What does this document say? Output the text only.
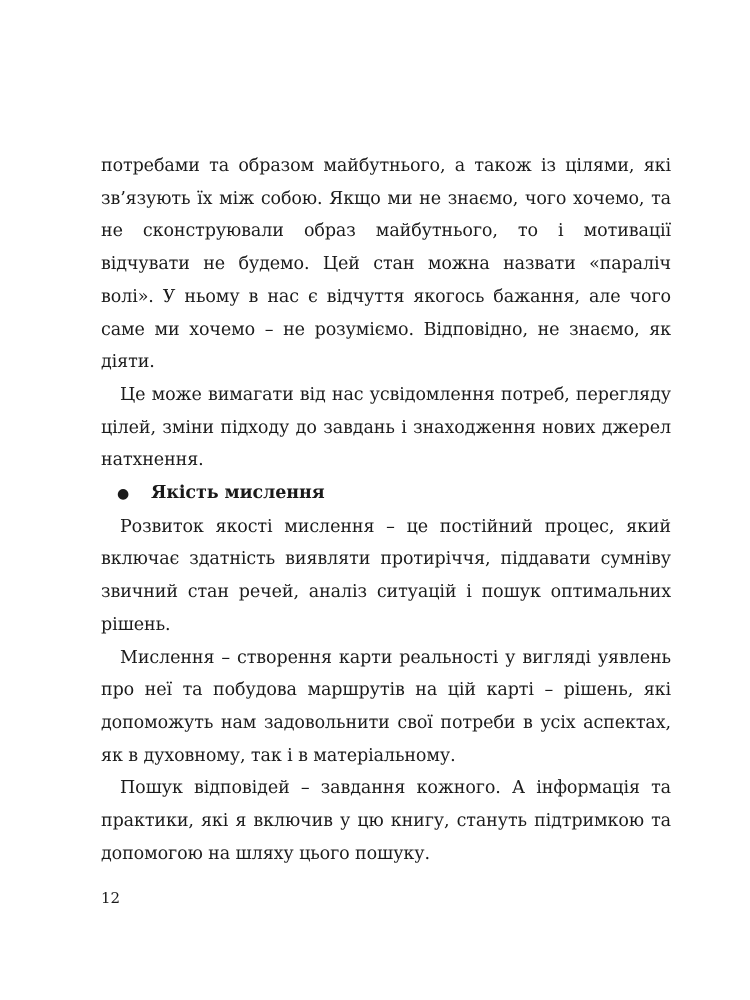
потребами та образом майбутнього, а також із цілями, які зв’язують їх між собою. Якщо ми не знаємо, чого хочемо, та не сконструювали образ майбутнього, то і мотивації відчувати не будемо. Цей стан можна назвати «параліч волі». У ньому в нас є відчуття якогось бажання, але чого саме ми хочемо – не розуміємо. Відповідно, не знаємо, як діяти.

Це може вимагати від нас усвідомлення потреб, перегляду цілей, зміни підходу до завдань і знаходження нових джерел натхнення.

●	Якість мислення

Розвиток якості мислення – це постійний процес, який включає здатність виявляти протиріччя, піддавати сумніву звичний стан речей, аналіз ситуацій і пошук оптимальних рішень.

Мислення – створення карти реальності у вигляді уявлень про неї та побудова маршрутів на цій карті – рішень, які допоможуть нам задовольнити свої потреби в усіх аспектах, як в духовному, так і в матеріальному.

Пошук відповідей – завдання кожного. А інформація та практики, які я включив у цю книгу, стануть підтримкою та допомогою на шляху цього пошуку.

12
